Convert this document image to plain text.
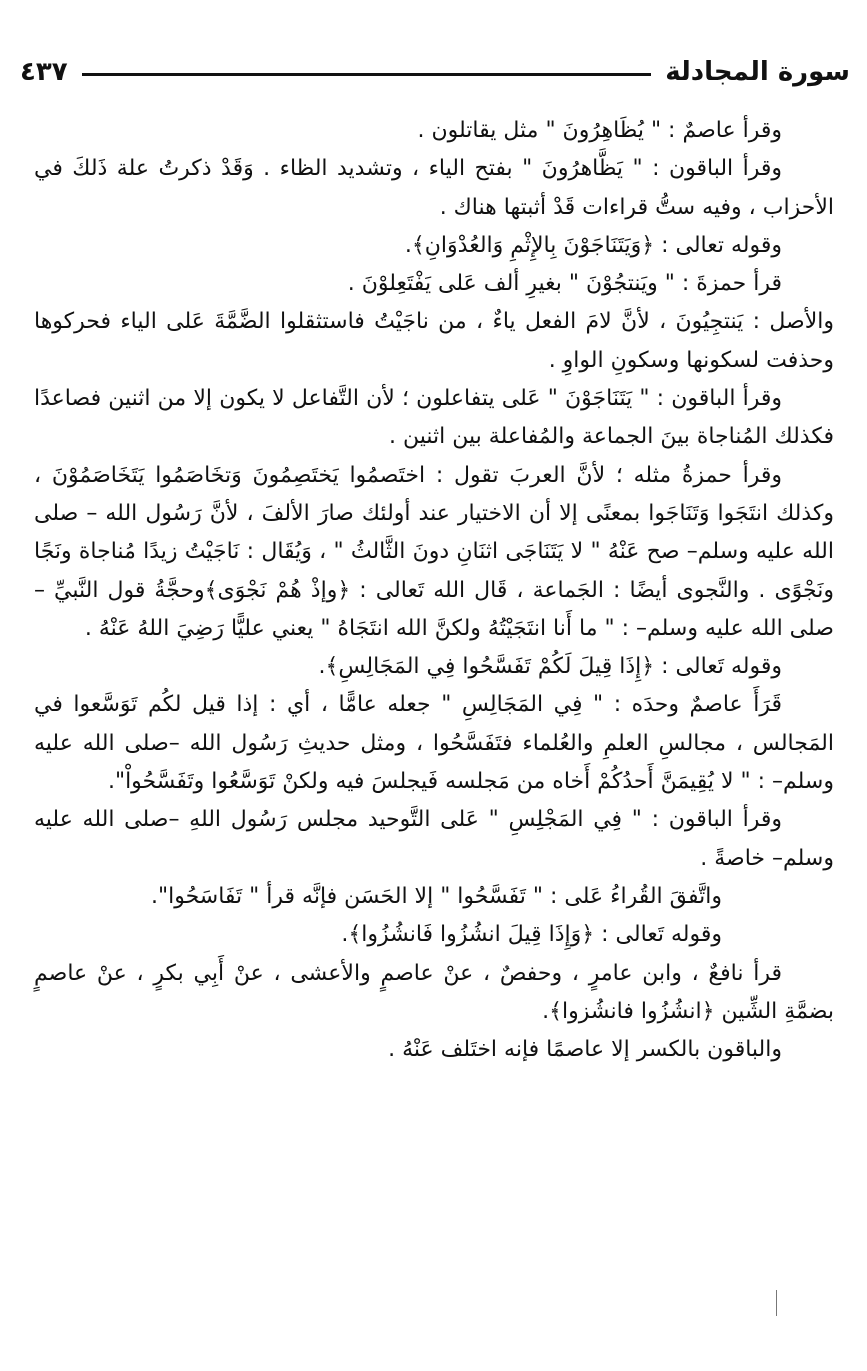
سورة المجادلة
٤٣٧

وقرأ عاصمٌ : " يُظَاهِرُونَ " مثل يقاتلون .

وقرأ الباقون : " يَظَّاهرُونَ " بفتح الياء ، وتشديد الظاء . وَقَدْ ذكرتُ علة ذَلكَ في الأحزاب ، وفيه ستُّ قراءات قَدْ أثبتها هناك .

وقوله تعالى : ﴿وَيَتَنَاجَوْنَ بِالإِثْمِ وَالعُدْوَانِ﴾.

قرأ حمزةَ : " ويَنتجُوْنَ " بغيرِ ألف عَلى يَفْتَعِلوْنَ .

والأصل : يَنتجِيُونَ ، لأنَّ لامَ الفعل ياءٌ ، من ناجَيْتُ فاستثقلوا الضَّمَّةَ عَلى الياء فحركوها وحذفت لسكونها وسكونِ الواوِ .

وقرأ الباقون : " يَتَنَاجَوْنَ " عَلى يتفاعلون ؛ لأن التَّفاعل لا يكون إلا من اثنين فصاعدًا فكذلك المُناجاة بينَ الجماعة والمُفاعلة بين اثنين .

وقرأ حمزةُ مثله ؛ لأنَّ العربَ تقول : اختَصمُوا يَختَصِمُونَ وَتخَاصَمُوا يَتَخَاصَمُوْنَ ، وكذلك انتَجَوا وَتَنَاجَوا بمعنًى إلا أن الاختيار عند أولئك صارَ الألفَ ، لأنَّ رَسُول الله – صلى الله عليه وسلم– صح عَنْهُ " لا يَتَنَاجَى اثنَانِ دونَ الثَّالثُ " ، وَيُقَال : نَاجَيْتُ زيدًا مُناجاة ونَجًا ونَجْوًى . والنَّجوى أيضًا : الجَماعة ، قَال الله تَعالى : ﴿وإذْ هُمْ نَجْوَى﴾وحجَّةُ قول النَّبيِّ –صلى الله عليه وسلم– : " ما أَنا انتَجَيْتُهُ ولكنَّ الله انتَجَاهُ " يعني عليًّا رَضِيَ اللهُ عَنْهُ .

وقوله تَعالى : ﴿إِذَا قِيلَ لَكُمْ تَفَسَّحُوا فِي المَجَالِسِ﴾.

قَرَأَ عاصمٌ وحدَه : " فِي المَجَالِسِ " جعله عامًّا ، أي : إذا قيل لكُم تَوَسَّعوا في المَجالس ، مجالسِ العلمِ والعُلماء فتَفَسَّحُوا ، ومثل حديثِ رَسُول الله –صلى الله عليه وسلم– : " لا يُقِيمَنَّ أَحدُكُمْ أَخاه من مَجلسه فَيجلسَ فيه ولكنْ تَوَسَّعُوا وتَفَسَّحُواْ".

وقرأ الباقون : " فِي المَجْلِسِ " عَلى التَّوحيد مجلس رَسُول اللهِ –صلى الله عليه وسلم– خاصةً .

واتَّفقَ القُراءُ عَلى : " تَفَسَّحُوا " إلا الحَسَن فإنَّه قرأ " تَفَاسَحُوا".

وقوله تَعالى : ﴿وَإِذَا قِيلَ انشُزُوا فَانشُزُوا﴾.

قرأ نافعٌ ، وابن عامرٍ ، وحفصٌ ، عنْ عاصمٍ والأعشى ، عنْ أَبِي بكرٍ ، عنْ عاصمٍ بضمَّةِ الشِّين ﴿انشُزُوا فانشُزوا﴾.

والباقون بالكسر إلا عاصمًا فإنه اختَلف عَنْهُ .
